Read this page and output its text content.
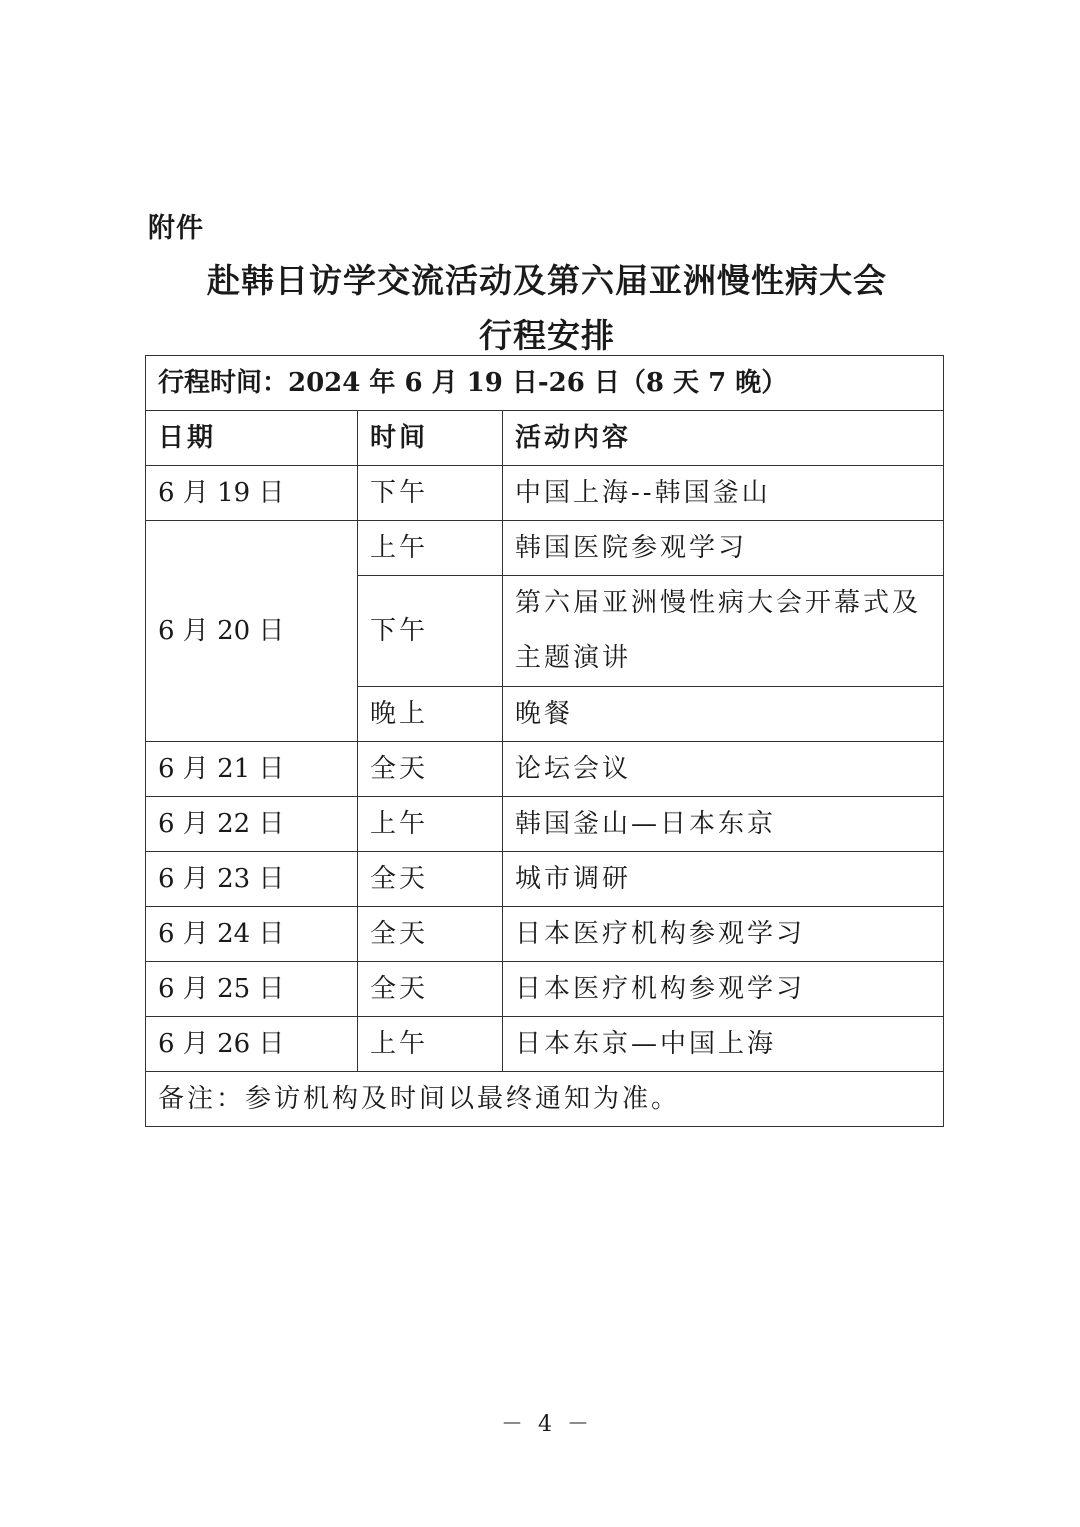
附件
赴韩日访学交流活动及第六届亚洲慢性病大会
行程安排
行程时间：2024 年 6 月 19 日-26 日（8 天 7 晚）		
日期	时间	活动内容
6 月 19 日	下午	中国上海--韩国釜山
6 月 20 日	上午	韩国医院参观学习
	下午	第六届亚洲慢性病大会开幕式及主题演讲
	晚上	晚餐
6 月 21 日	全天	论坛会议
6 月 22 日	上午	韩国釜山—日本东京
6 月 23 日	全天	城市调研
6 月 24 日	全天	日本医疗机构参观学习
6 月 25 日	全天	日本医疗机构参观学习
6 月 26 日	上午	日本东京—中国上海
备注：参访机构及时间以最终通知为准。		
－ 4 －
